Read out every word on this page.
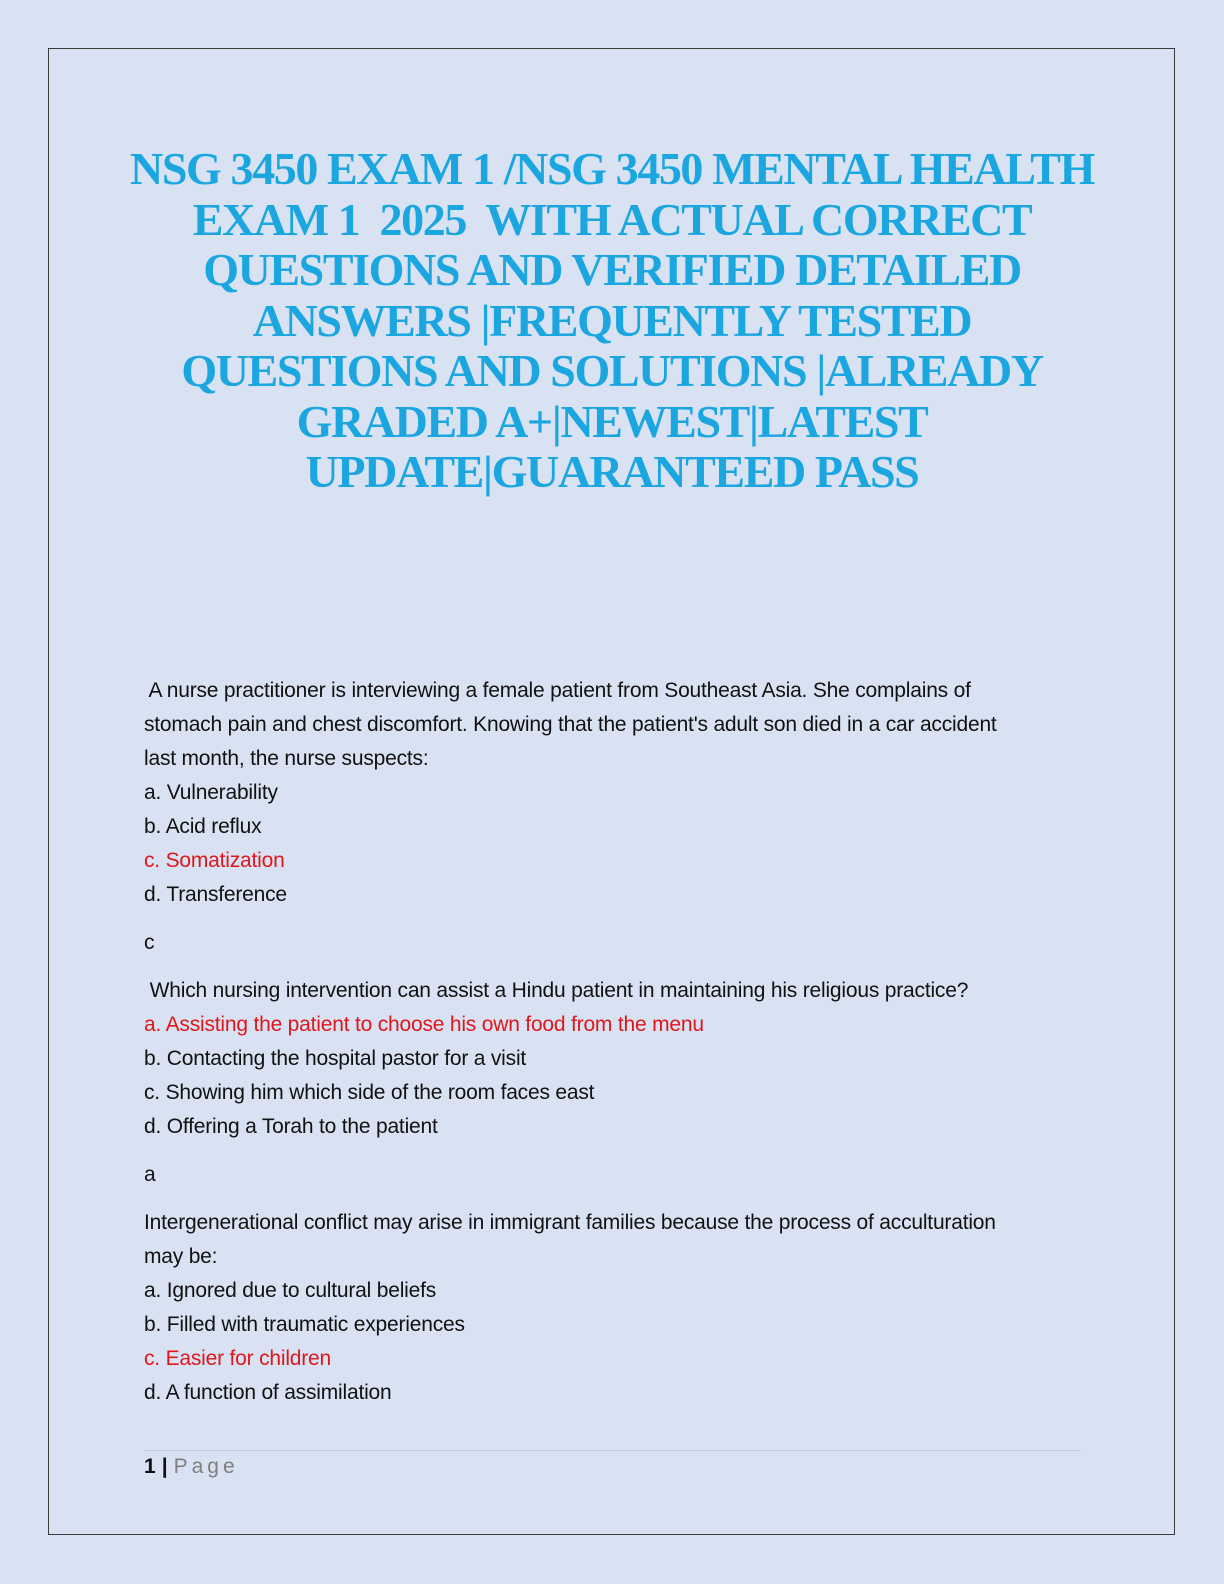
NSG 3450 EXAM 1 /NSG 3450 MENTAL HEALTH
EXAM 1  2025  WITH ACTUAL CORRECT
QUESTIONS AND VERIFIED DETAILED
ANSWERS |FREQUENTLY TESTED
QUESTIONS AND SOLUTIONS |ALREADY
GRADED A+|NEWEST|LATEST
UPDATE|GUARANTEED PASS

A nurse practitioner is interviewing a female patient from Southeast Asia. She complains of

stomach pain and chest discomfort. Knowing that the patient's adult son died in a car accident

last month, the nurse suspects:

a. Vulnerability

b. Acid reflux

c. Somatization

d. Transference

c

Which nursing intervention can assist a Hindu patient in maintaining his religious practice?

a. Assisting the patient to choose his own food from the menu

b. Contacting the hospital pastor for a visit

c. Showing him which side of the room faces east

d. Offering a Torah to the patient

a

Intergenerational conflict may arise in immigrant families because the process of acculturation

may be:

a. Ignored due to cultural beliefs

b. Filled with traumatic experiences

c. Easier for children

d. A function of assimilation

1 | Page
